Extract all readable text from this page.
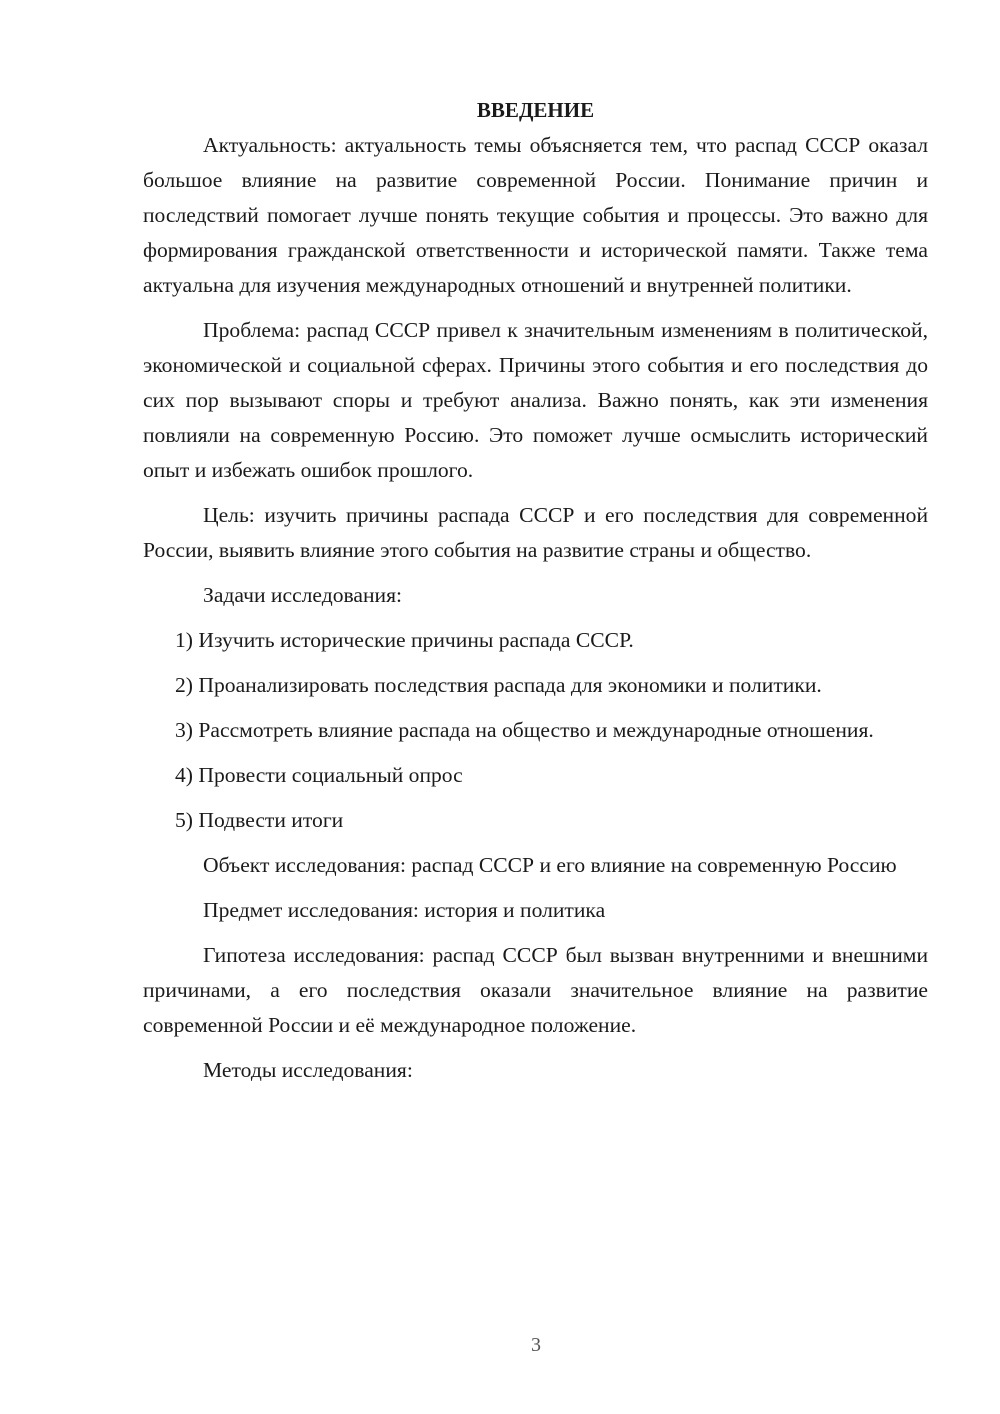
ВВЕДЕНИЕ

Актуальность: актуальность темы объясняется тем, что распад СССР оказал большое влияние на развитие современной России. Понимание причин и последствий помогает лучше понять текущие события и процессы. Это важно для формирования гражданской ответственности и исторической памяти. Также тема актуальна для изучения международных отношений и внутренней политики.

Проблема: распад СССР привел к значительным изменениям в политической, экономической и социальной сферах. Причины этого события и его последствия до сих пор вызывают споры и требуют анализа. Важно понять, как эти изменения повлияли на современную Россию. Это поможет лучше осмыслить исторический опыт и избежать ошибок прошлого.

Цель: изучить причины распада СССР и его последствия для современной России, выявить влияние этого события на развитие страны и общество.

Задачи исследования:

1) Изучить исторические причины распада СССР.

2) Проанализировать последствия распада для экономики и политики.

3) Рассмотреть влияние распада на общество и международные отношения.

4) Провести социальный опрос

5) Подвести итоги

Объект исследования: распад СССР и его влияние на современную Россию

Предмет исследования: история и политика

Гипотеза исследования: распад СССР был вызван внутренними и внешними причинами, а его последствия оказали значительное влияние на развитие современной России и её международное положение.

Методы исследования:

3
